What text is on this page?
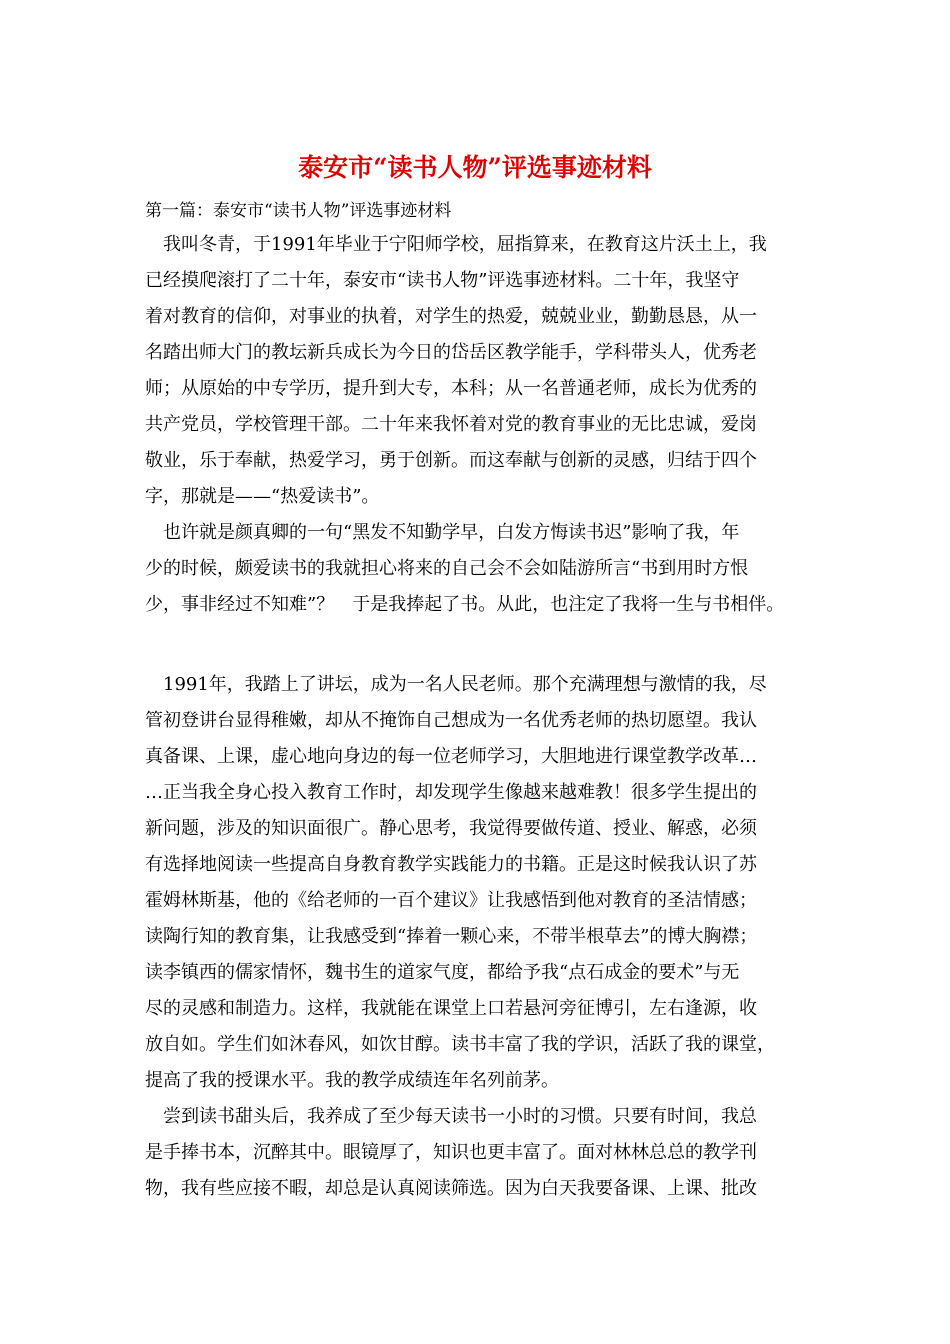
泰安市“读书人物”评选事迹材料
第一篇：泰安市“读书人物”评选事迹材料
我叫冬青，于1991年毕业于宁阳师学校，屈指算来，在教育这片沃土上，我
已经摸爬滚打了二十年，泰安市“读书人物”评选事迹材料。二十年，我坚守
着对教育的信仰，对事业的执着，对学生的热爱，兢兢业业，勤勤恳恳，从一
名踏出师大门的教坛新兵成长为今日的岱岳区教学能手，学科带头人，优秀老
师；从原始的中专学历，提升到大专，本科；从一名普通老师，成长为优秀的
共产党员，学校管理干部。二十年来我怀着对党的教育事业的无比忠诚，爱岗
敬业，乐于奉献，热爱学习，勇于创新。而这奉献与创新的灵感，归结于四个
字，那就是——“热爱读书”。
也许就是颜真卿的一句“黑发不知勤学早，白发方悔读书迟”影响了我，年
少的时候，颇爱读书的我就担心将来的自己会不会如陆游所言“书到用时方恨
少，事非经过不知难”？　于是我捧起了书。从此，也注定了我将一生与书相伴。
1991年，我踏上了讲坛，成为一名人民老师。那个充满理想与激情的我，尽
管初登讲台显得稚嫩，却从不掩饰自己想成为一名优秀老师的热切愿望。我认
真备课、上课，虚心地向身边的每一位老师学习，大胆地进行课堂教学改革…
…正当我全身心投入教育工作时，却发现学生像越来越难教！很多学生提出的
新问题，涉及的知识面很广。静心思考，我觉得要做传道、授业、解惑，必须
有选择地阅读一些提高自身教育教学实践能力的书籍。正是这时候我认识了苏
霍姆林斯基，他的《给老师的一百个建议》让我感悟到他对教育的圣洁情感；
读陶行知的教育集，让我感受到“捧着一颗心来，不带半根草去”的博大胸襟；
读李镇西的儒家情怀，魏书生的道家气度，都给予我“点石成金的要术”与无
尽的灵感和制造力。这样，我就能在课堂上口若悬河旁征博引，左右逢源，收
放自如。学生们如沐春风，如饮甘醇。读书丰富了我的学识，活跃了我的课堂，
提高了我的授课水平。我的教学成绩连年名列前茅。
尝到读书甜头后，我养成了至少每天读书一小时的习惯。只要有时间，我总
是手捧书本，沉醉其中。眼镜厚了，知识也更丰富了。面对林林总总的教学刊
物，我有些应接不暇，却总是认真阅读筛选。因为白天我要备课、上课、批改
